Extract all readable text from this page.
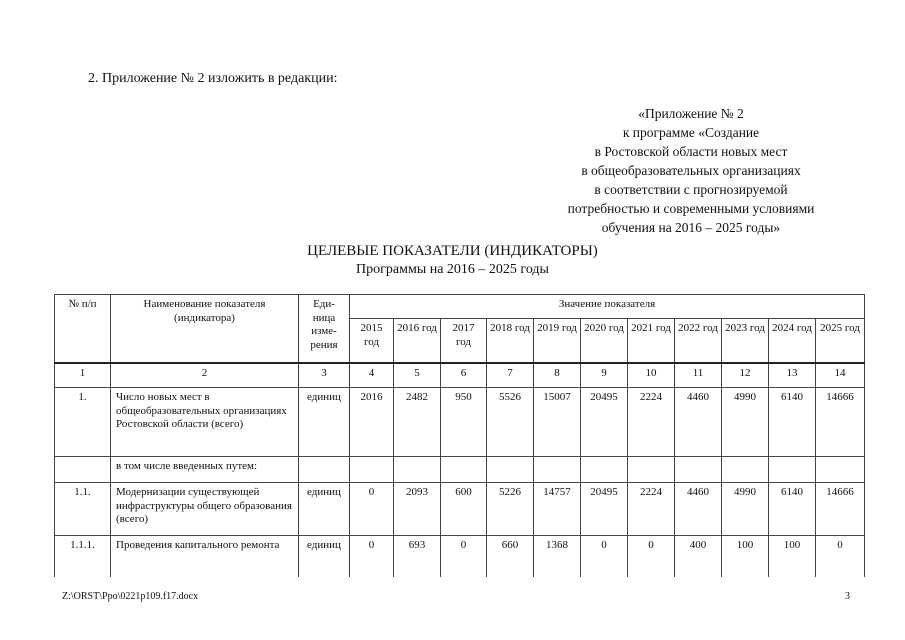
2. Приложение № 2 изложить в редакции:
«Приложение № 2
к программе «Создание
в Ростовской области новых мест
в общеобразовательных организациях
в соответствии с прогнозируемой
потребностью и современными условиями
обучения на 2016 – 2025 годы»
ЦЕЛЕВЫЕ ПОКАЗАТЕЛИ (ИНДИКАТОРЫ)
Программы на 2016 – 2025 годы
№ п/п	Наименование показателя (индикатора)	Еди-ница изме-рения	Значение показателя										
			2015 год	2016 год	2017 год	2018 год	2019 год	2020 год	2021 год	2022 год	2023 год	2024 год	2025 год
1	2	3	4	5	6	7	8	9	10	11	12	13	14
1.	Число новых мест в общеобразовательных организациях Ростовской области (всего)	единиц	2016	2482	950	5526	15007	20495	2224	4460	4990	6140	14666
	в том числе введенных путем:												
1.1.	Модернизации существующей инфраструктуры общего образования (всего)	единиц	0	2093	600	5226	14757	20495	2224	4460	4990	6140	14666
1.1.1.	Проведения капитального ремонта	единиц	0	693	0	660	1368	0	0	400	100	100	0
Z:\ORST\Ppo\0221p109.f17.docx	3
